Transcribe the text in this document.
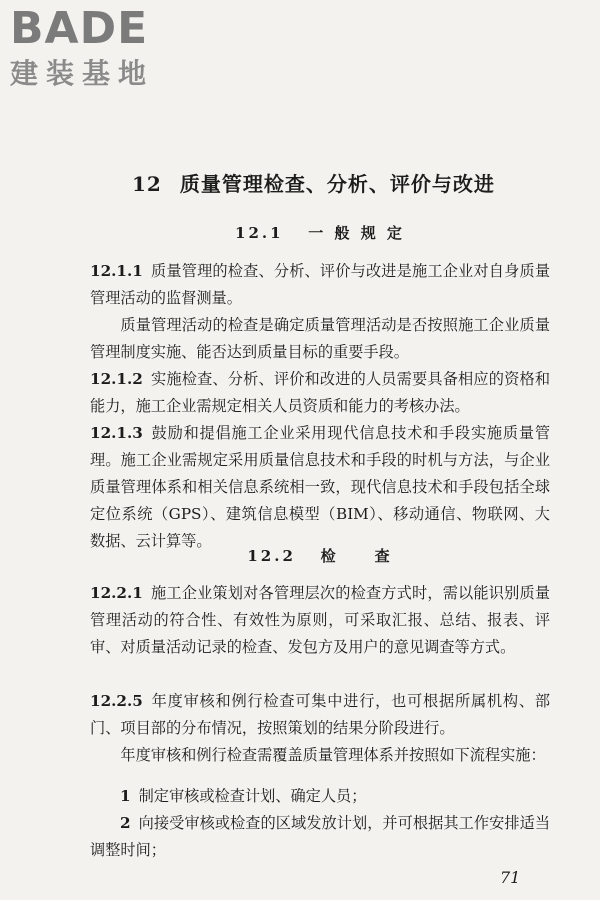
BADE
建装基地
12 质量管理检查、分析、评价与改进
12.1 一 般 规 定
12.1.1 质量管理的检查、分析、评价与改进是施工企业对自身质量管理活动的监督测量。
质量管理活动的检查是确定质量管理活动是否按照施工企业质量管理制度实施、能否达到质量目标的重要手段。
12.1.2 实施检查、分析、评价和改进的人员需要具备相应的资格和能力，施工企业需规定相关人员资质和能力的考核办法。
12.1.3 鼓励和提倡施工企业采用现代信息技术和手段实施质量管理。施工企业需规定采用质量信息技术和手段的时机与方法，与企业质量管理体系和相关信息系统相一致，现代信息技术和手段包括全球定位系统（GPS）、建筑信息模型（BIM）、移动通信、物联网、大数据、云计算等。
12.2 检　　查
12.2.1 施工企业策划对各管理层次的检查方式时，需以能识别质量管理活动的符合性、有效性为原则，可采取汇报、总结、报表、评审、对质量活动记录的检查、发包方及用户的意见调查等方式。
12.2.5 年度审核和例行检查可集中进行，也可根据所属机构、部门、项目部的分布情况，按照策划的结果分阶段进行。
年度审核和例行检查需覆盖质量管理体系并按照如下流程实施：
1 制定审核或检查计划、确定人员；
2 向接受审核或检查的区域发放计划，并可根据其工作安排适当调整时间；
71
